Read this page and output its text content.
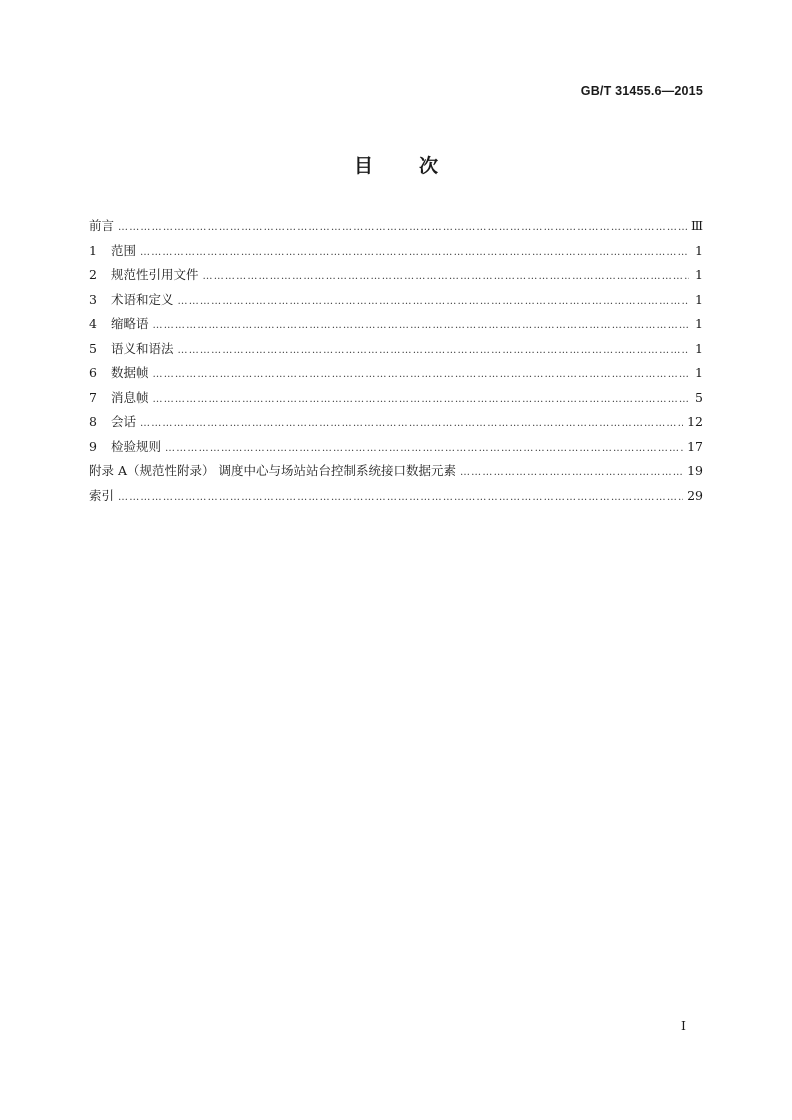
GB/T 31455.6—2015
目次
前言 ……………………………………………………………………………………………………………………………………………………………………………………………	Ⅲ
1	范围 ……………………………………………………………………………………………………………………………………………………………………………………………	1
2	规范性引用文件 ……………………………………………………………………………………………………………………………………………………………………………………………	1
3	术语和定义 ……………………………………………………………………………………………………………………………………………………………………………………………	1
4	缩略语 ……………………………………………………………………………………………………………………………………………………………………………………………	1
5	语义和语法 ……………………………………………………………………………………………………………………………………………………………………………………………	1
6	数据帧 ……………………………………………………………………………………………………………………………………………………………………………………………	1
7	消息帧 ……………………………………………………………………………………………………………………………………………………………………………………………	5
8	会话 ……………………………………………………………………………………………………………………………………………………………………………………………	12
9	检验规则 ……………………………………………………………………………………………………………………………………………………………………………………………	17
附录 A（规范性附录） 调度中心与场站站台控制系统接口数据元素 ……………………………………………………………………………………………………………………………………………………………………………………………	19
索引 ……………………………………………………………………………………………………………………………………………………………………………………………	29
Ⅰ
